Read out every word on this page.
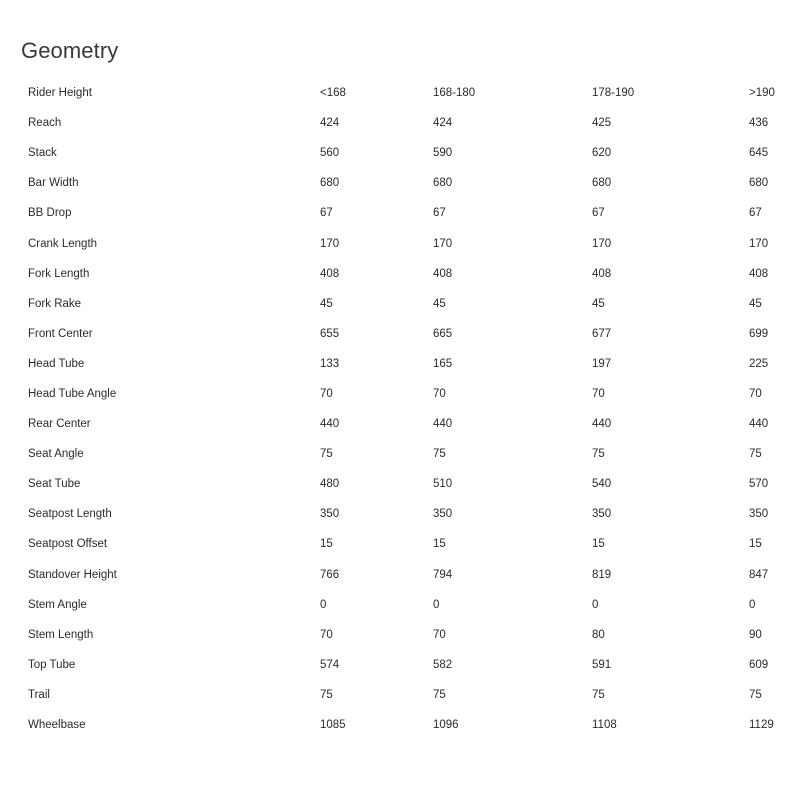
Geometry
Rider Height	<168	168-180	178-190	>190
Reach	424	424	425	436
Stack	560	590	620	645
Bar Width	680	680	680	680
BB Drop	67	67	67	67
Crank Length	170	170	170	170
Fork Length	408	408	408	408
Fork Rake	45	45	45	45
Front Center	655	665	677	699
Head Tube	133	165	197	225
Head Tube Angle	70	70	70	70
Rear Center	440	440	440	440
Seat Angle	75	75	75	75
Seat Tube	480	510	540	570
Seatpost Length	350	350	350	350
Seatpost Offset	15	15	15	15
Standover Height	766	794	819	847
Stem Angle	0	0	0	0
Stem Length	70	70	80	90
Top Tube	574	582	591	609
Trail	75	75	75	75
Wheelbase	1085	1096	1108	1129
